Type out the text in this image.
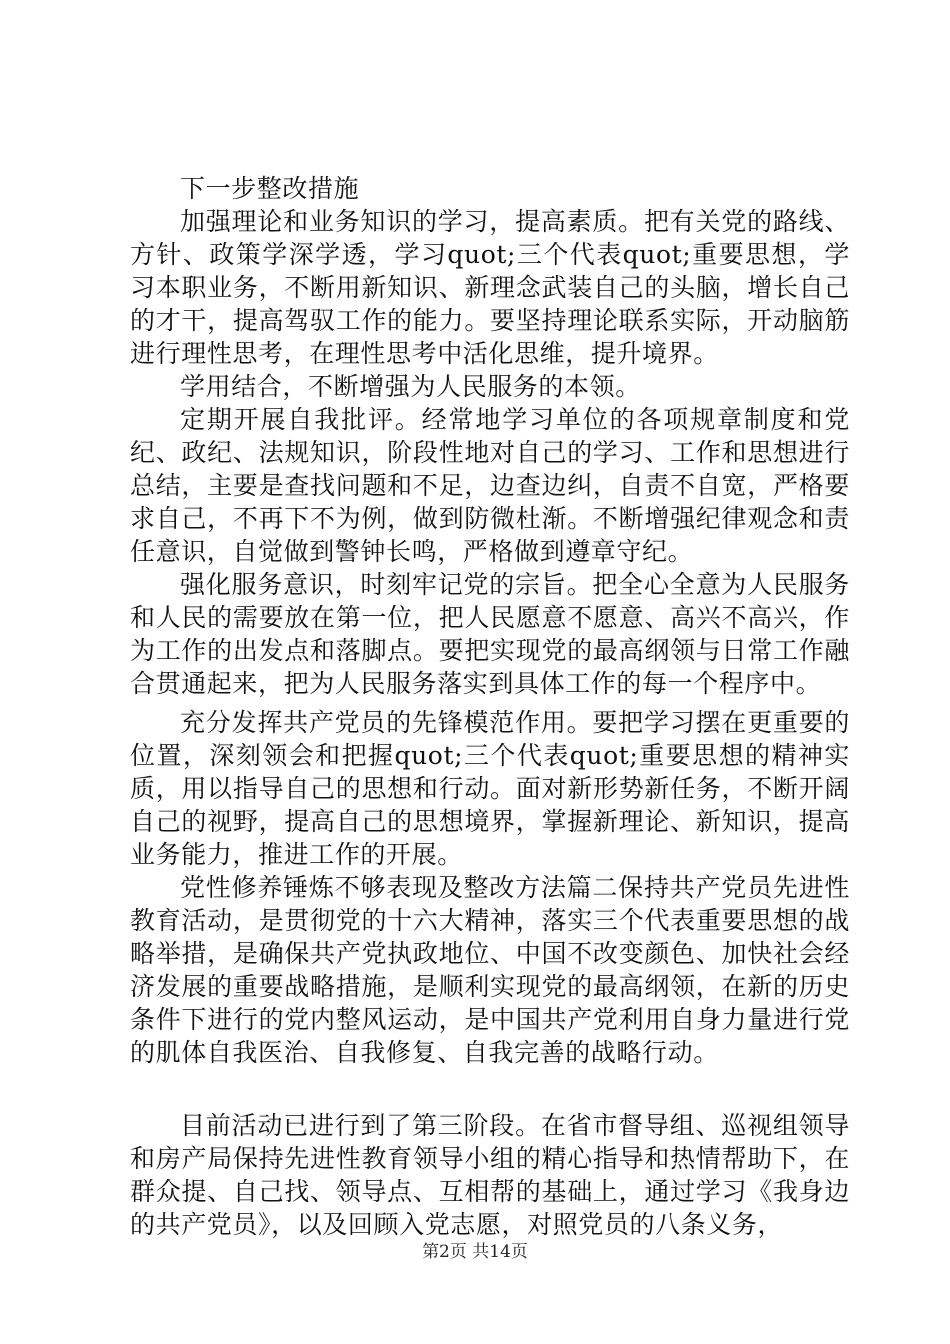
下一步整改措施

加强理论和业务知识的学习，提高素质。把有关党的路线、方针、政策学深学透，学习quot;三个代表quot;重要思想，学习本职业务，不断用新知识、新理念武装自己的头脑，增长自己的才干，提高驾驭工作的能力。要坚持理论联系实际，开动脑筋进行理性思考，在理性思考中活化思维，提升境界。

学用结合，不断增强为人民服务的本领。

定期开展自我批评。经常地学习单位的各项规章制度和党纪、政纪、法规知识，阶段性地对自己的学习、工作和思想进行总结，主要是查找问题和不足，边查边纠，自责不自宽，严格要求自己，不再下不为例，做到防微杜渐。不断增强纪律观念和责任意识，自觉做到警钟长鸣，严格做到遵章守纪。

强化服务意识，时刻牢记党的宗旨。把全心全意为人民服务和人民的需要放在第一位，把人民愿意不愿意、高兴不高兴，作为工作的出发点和落脚点。要把实现党的最高纲领与日常工作融合贯通起来，把为人民服务落实到具体工作的每一个程序中。

充分发挥共产党员的先锋模范作用。要把学习摆在更重要的位置，深刻领会和把握quot;三个代表quot;重要思想的精神实质，用以指导自己的思想和行动。面对新形势新任务，不断开阔自己的视野，提高自己的思想境界，掌握新理论、新知识，提高业务能力，推进工作的开展。

党性修养锤炼不够表现及整改方法篇二保持共产党员先进性教育活动，是贯彻党的十六大精神，落实三个代表重要思想的战略举措，是确保共产党执政地位、中国不改变颜色、加快社会经济发展的重要战略措施，是顺利实现党的最高纲领，在新的历史条件下进行的党内整风运动，是中国共产党利用自身力量进行党的肌体自我医治、自我修复、自我完善的战略行动。

目前活动已进行到了第三阶段。在省市督导组、巡视组领导和房产局保持先进性教育领导小组的精心指导和热情帮助下，在群众提、自己找、领导点、互相帮的基础上，通过学习《我身边的共产党员》，以及回顾入党志愿，对照党员的八条义务，

第2页 共14页
